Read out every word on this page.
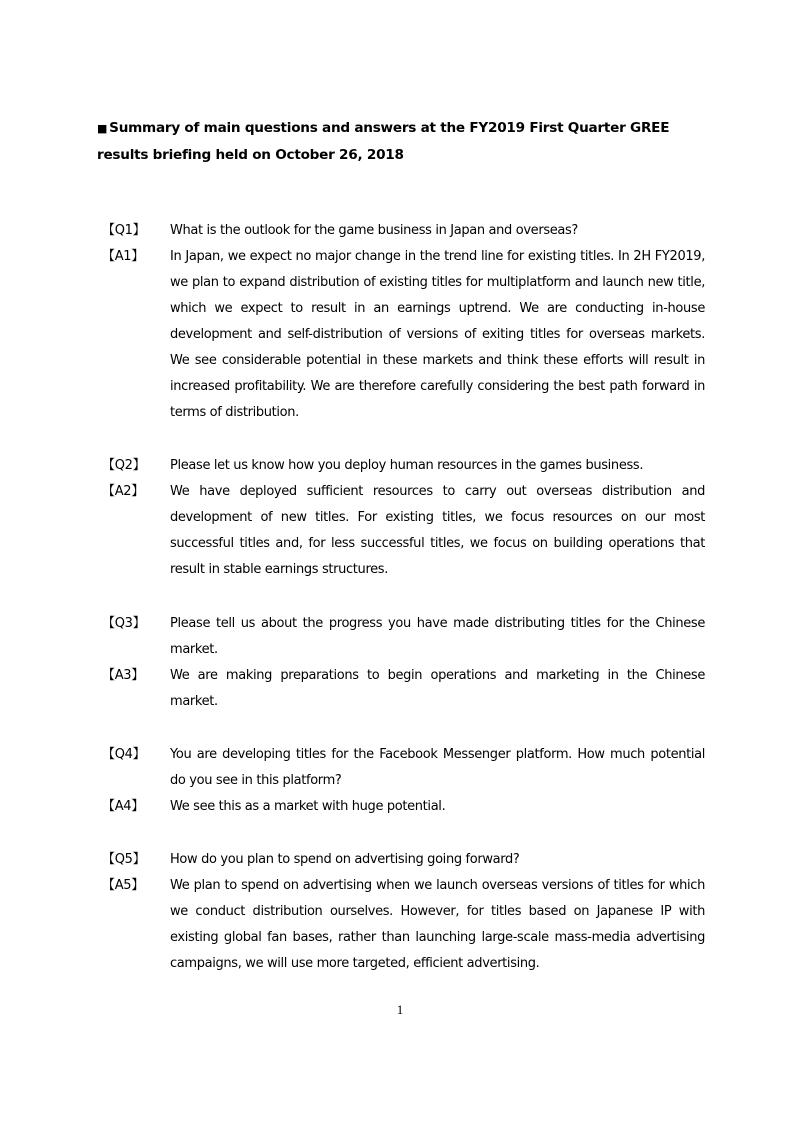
■ Summary of main questions and answers at the FY2019 First Quarter GREE results briefing held on October 26, 2018
【Q1】 What is the outlook for the game business in Japan and overseas?
【A1】 In Japan, we expect no major change in the trend line for existing titles. In 2H FY2019, we plan to expand distribution of existing titles for multiplatform and launch new title, which we expect to result in an earnings uptrend. We are conducting in-house development and self-distribution of versions of exiting titles for overseas markets. We see considerable potential in these markets and think these efforts will result in increased profitability. We are therefore carefully considering the best path forward in terms of distribution.
【Q2】 Please let us know how you deploy human resources in the games business.
【A2】 We have deployed sufficient resources to carry out overseas distribution and development of new titles. For existing titles, we focus resources on our most successful titles and, for less successful titles, we focus on building operations that result in stable earnings structures.
【Q3】 Please tell us about the progress you have made distributing titles for the Chinese market.
【A3】 We are making preparations to begin operations and marketing in the Chinese market.
【Q4】 You are developing titles for the Facebook Messenger platform. How much potential do you see in this platform?
【A4】 We see this as a market with huge potential.
【Q5】 How do you plan to spend on advertising going forward?
【A5】 We plan to spend on advertising when we launch overseas versions of titles for which we conduct distribution ourselves. However, for titles based on Japanese IP with existing global fan bases, rather than launching large-scale mass-media advertising campaigns, we will use more targeted, efficient advertising.
1
